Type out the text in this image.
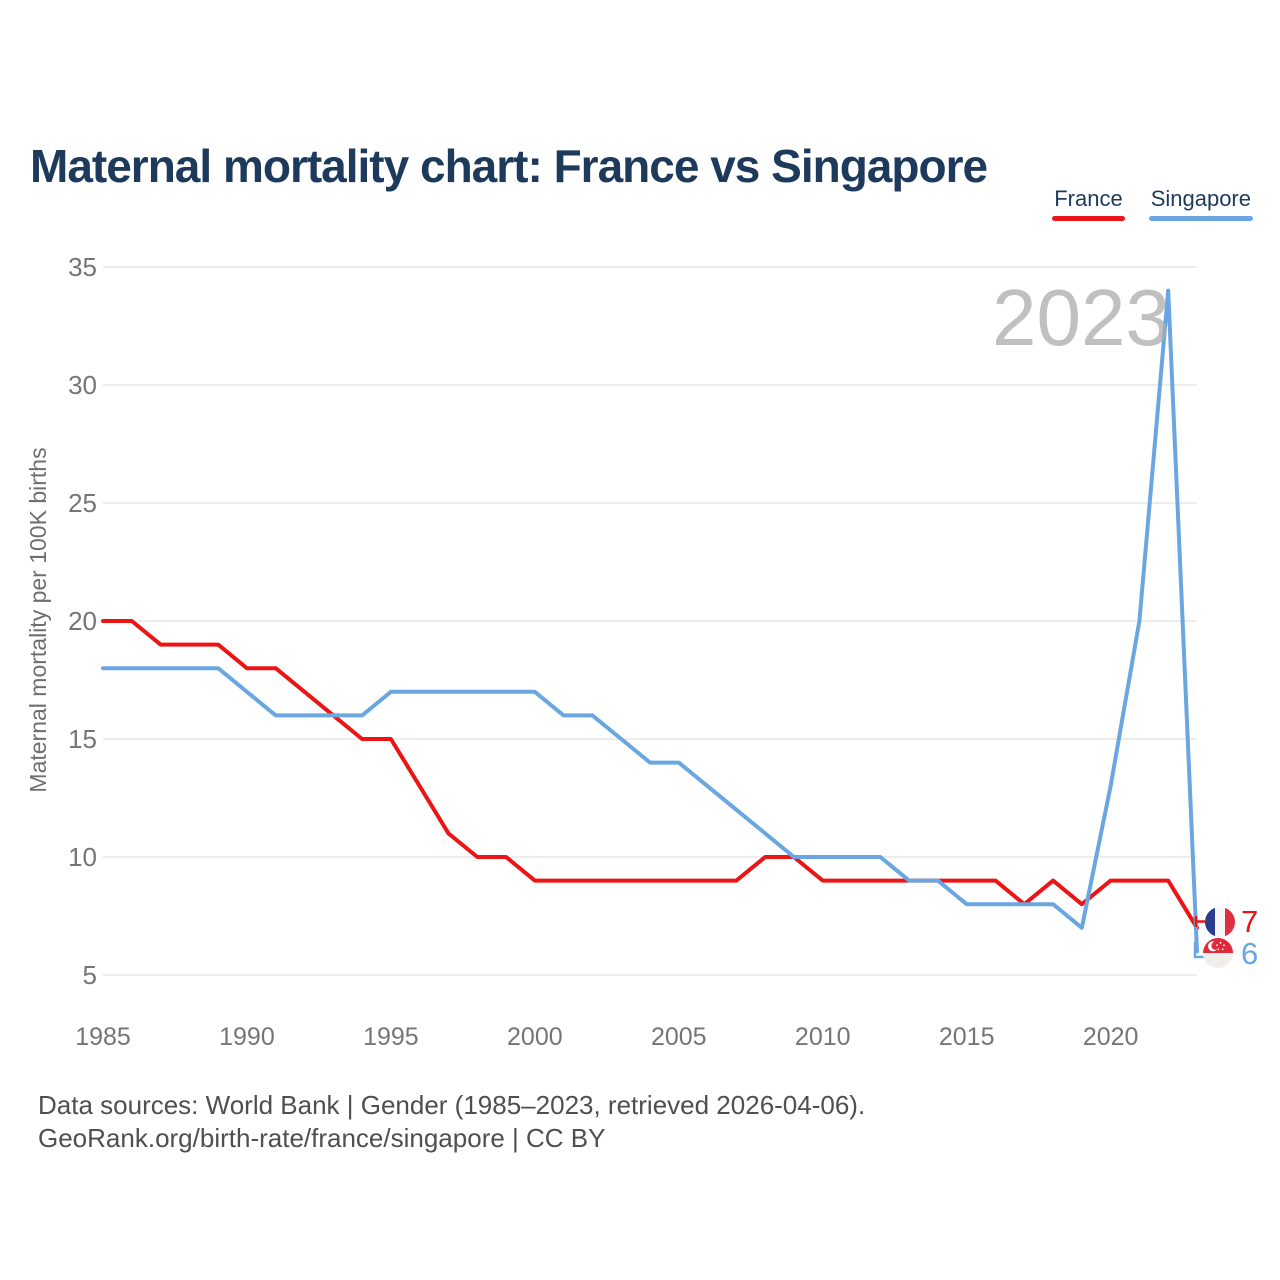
Maternal mortality chart: France vs Singapore
France Singapore
35
30
25
20
15
10
5
1985	1990	1995	2000	2005	2010	2015	2020
Maternal mortality per 100K births
2023
7
6
Data sources: World Bank | Gender (1985–2023, retrieved 2026-04-06).
GeoRank.org/birth-rate/france/singapore | CC BY
